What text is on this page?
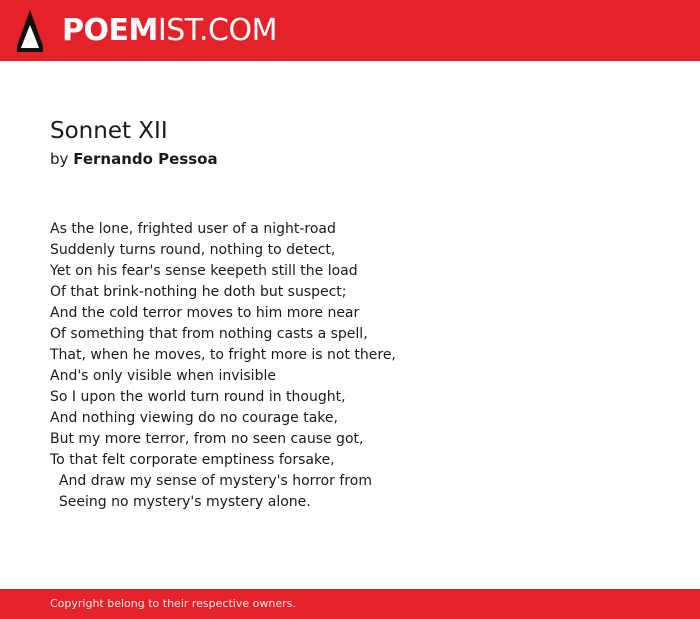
POEMIST.COM
Sonnet XII
by Fernando Pessoa
As the lone, frighted user of a night-road
Suddenly turns round, nothing to detect,
Yet on his fear's sense keepeth still the load
Of that brink-nothing he doth but suspect;
And the cold terror moves to him more near
Of something that from nothing casts a spell,
That, when he moves, to fright more is not there,
And's only visible when invisible
So I upon the world turn round in thought,
And nothing viewing do no courage take,
But my more terror, from no seen cause got,
To that felt corporate emptiness forsake,
And draw my sense of mystery's horror from
Seeing no mystery's mystery alone.
Copyright belong to their respective owners.
